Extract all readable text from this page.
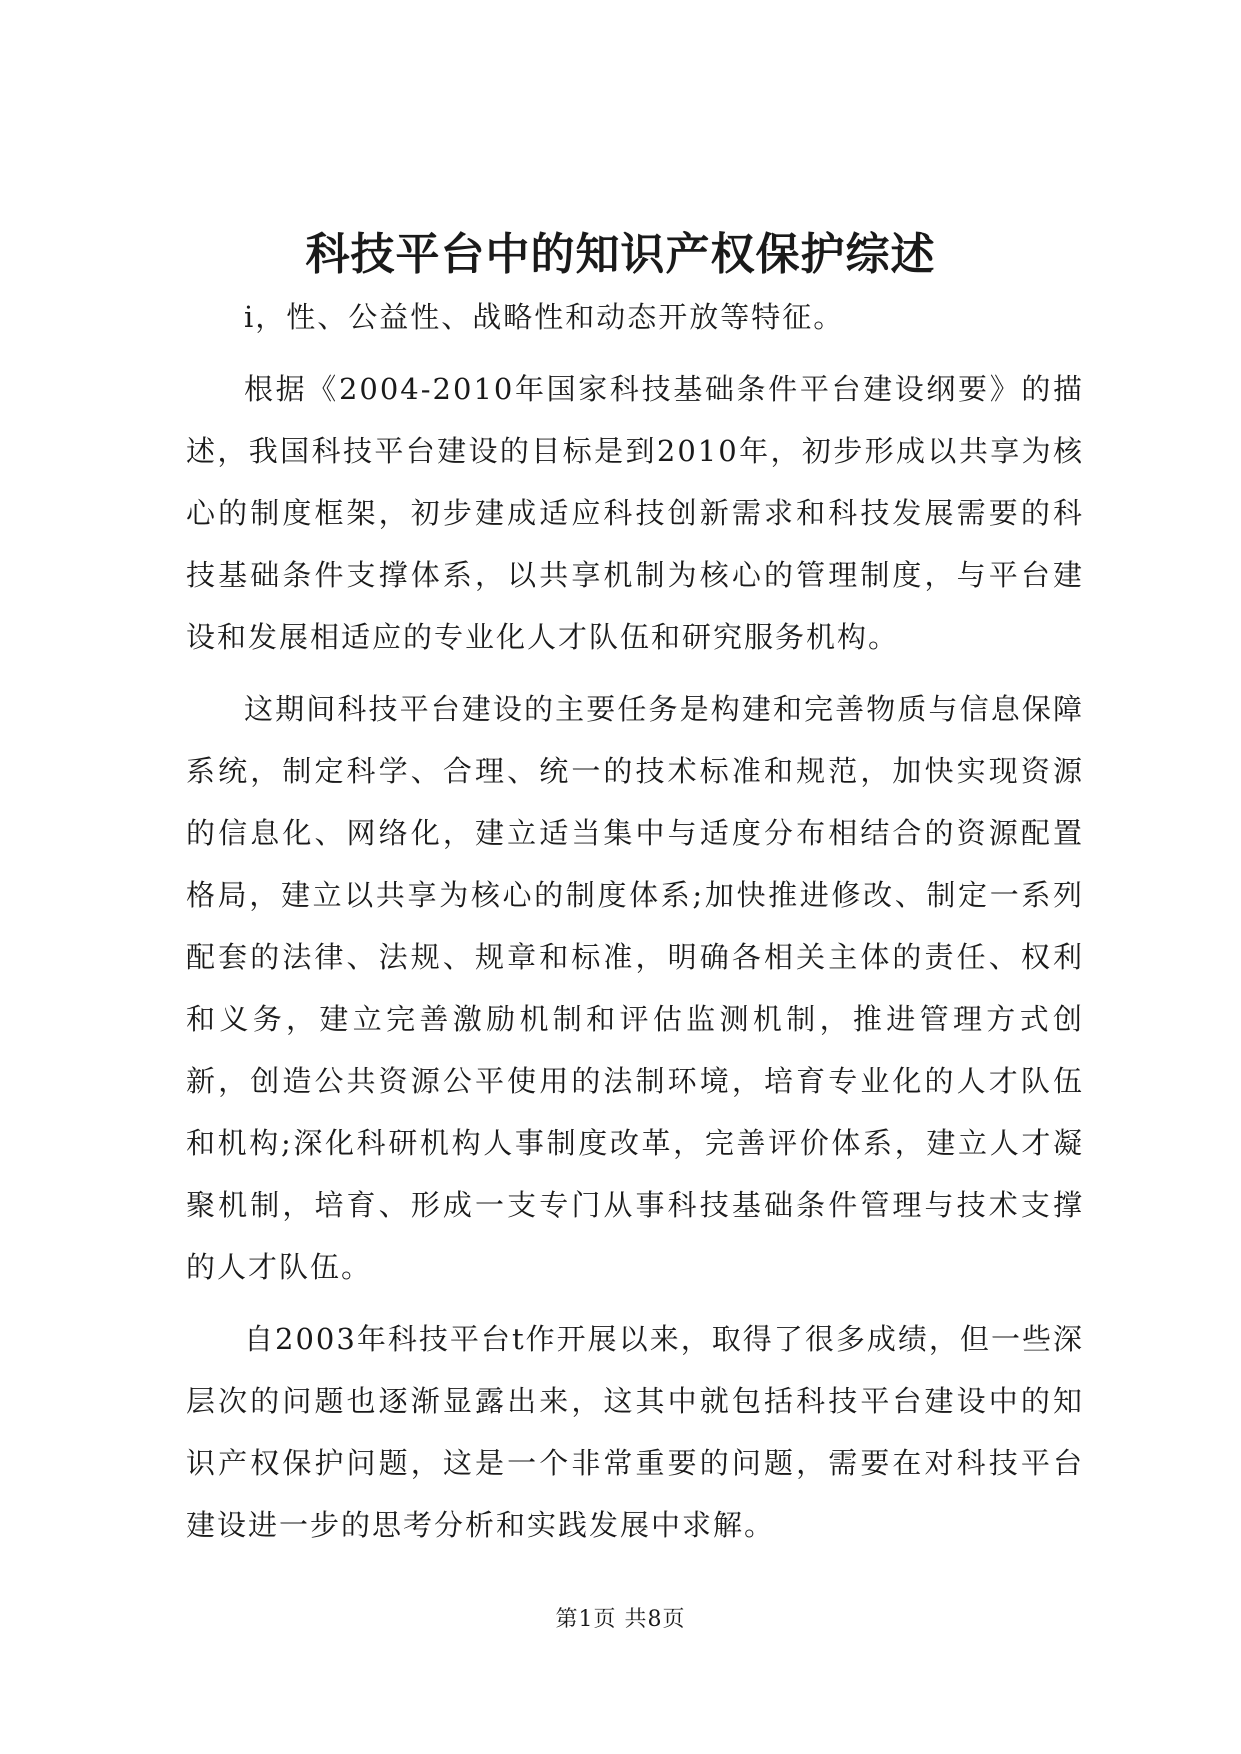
科技平台中的知识产权保护综述

i，性、公益性、战略性和动态开放等特征。

根据《2004-2010年国家科技基础条件平台建设纲要》的描述，我国科技平台建设的目标是到2010年，初步形成以共享为核心的制度框架，初步建成适应科技创新需求和科技发展需要的科技基础条件支撑体系，以共享机制为核心的管理制度，与平台建设和发展相适应的专业化人才队伍和研究服务机构。

这期间科技平台建设的主要任务是构建和完善物质与信息保障系统，制定科学、合理、统一的技术标准和规范，加快实现资源的信息化、网络化，建立适当集中与适度分布相结合的资源配置格局，建立以共享为核心的制度体系;加快推进修改、制定一系列配套的法律、法规、规章和标准，明确各相关主体的责任、权利和义务，建立完善激励机制和评估监测机制，推进管理方式创新，创造公共资源公平使用的法制环境，培育专业化的人才队伍和机构;深化科研机构人事制度改革，完善评价体系，建立人才凝聚机制，培育、形成一支专门从事科技基础条件管理与技术支撑的人才队伍。

自2003年科技平台t作开展以来，取得了很多成绩，但一些深层次的问题也逐渐显露出来，这其中就包括科技平台建设中的知识产权保护问题，这是一个非常重要的问题，需要在对科技平台建设进一步的思考分析和实践发展中求解。

第1页 共8页
